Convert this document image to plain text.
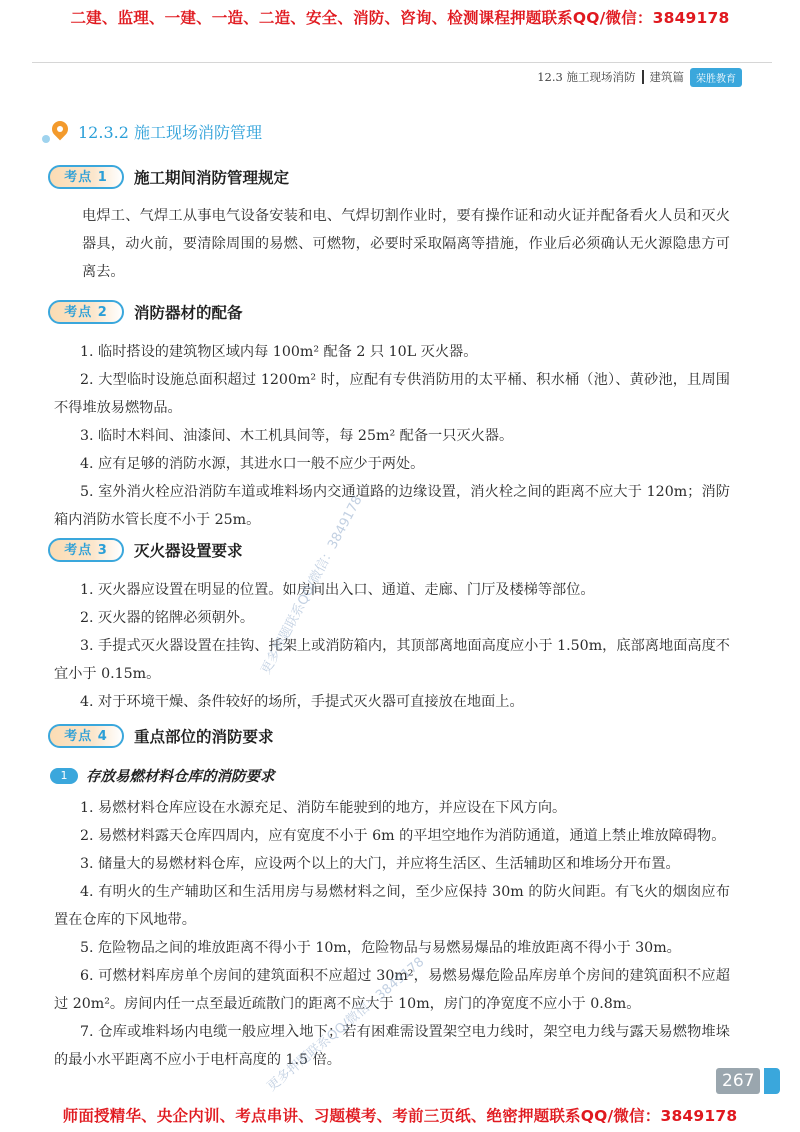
二建、监理、一建、一造、二造、安全、消防、咨询、检测课程押题联系QQ/微信：3849178
12.3 施工现场消防 建筑篇	荣胜教育
12.3.2 施工现场消防管理
考点 1	施工期间消防管理规定
电焊工、气焊工从事电气设备安装和电、气焊切割作业时，要有操作证和动火证并配备看火人员和灭火器具，动火前，要清除周围的易燃、可燃物，必要时采取隔离等措施，作业后必须确认无火源隐患方可离去。
考点 2	消防器材的配备
1. 临时搭设的建筑物区域内每 100m² 配备 2 只 10L 灭火器。
2. 大型临时设施总面积超过 1200m² 时，应配有专供消防用的太平桶、积水桶（池）、黄砂池，且周围不得堆放易燃物品。
3. 临时木料间、油漆间、木工机具间等，每 25m² 配备一只灭火器。
4. 应有足够的消防水源，其进水口一般不应少于两处。
5. 室外消火栓应沿消防车道或堆料场内交通道路的边缘设置，消火栓之间的距离不应大于 120m；消防箱内消防水管长度不小于 25m。
考点 3	灭火器设置要求
1. 灭火器应设置在明显的位置。如房间出入口、通道、走廊、门厅及楼梯等部位。
2. 灭火器的铭牌必须朝外。
3. 手提式灭火器设置在挂钩、托架上或消防箱内，其顶部离地面高度应小于 1.50m，底部离地面高度不宜小于 0.15m。
4. 对于环境干燥、条件较好的场所，手提式灭火器可直接放在地面上。
考点 4	重点部位的消防要求
1	存放易燃材料仓库的消防要求
1. 易燃材料仓库应设在水源充足、消防车能驶到的地方，并应设在下风方向。
2. 易燃材料露天仓库四周内，应有宽度不小于 6m 的平坦空地作为消防通道，通道上禁止堆放障碍物。
3. 储量大的易燃材料仓库，应设两个以上的大门，并应将生活区、生活辅助区和堆场分开布置。
4. 有明火的生产辅助区和生活用房与易燃材料之间，至少应保持 30m 的防火间距。有飞火的烟囱应布置在仓库的下风地带。
5. 危险物品之间的堆放距离不得小于 10m，危险物品与易燃易爆品的堆放距离不得小于 30m。
6. 可燃材料库房单个房间的建筑面积不应超过 30m²，易燃易爆危险品库房单个房间的建筑面积不应超过 20m²。房间内任一点至最近疏散门的距离不应大于 10m，房门的净宽度不应小于 0.8m。
7. 仓库或堆料场内电缆一般应埋入地下；若有困难需设置架空电力线时，架空电力线与露天易燃物堆垛的最小水平距离不应小于电杆高度的 1.5 倍。
更多押题联系QQ/微信：3849178
更多押题联系QQ/微信：3849178	267
师面授精华、央企内训、考点串讲、习题模考、考前三页纸、绝密押题联系QQ/微信：3849178
